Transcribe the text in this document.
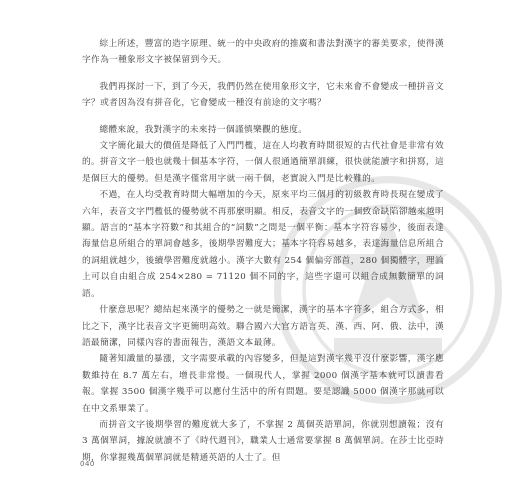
綜上所述，豐富的造字原理、統一的中央政府的推廣和書法對漢字的審美要求，使得漢字作為一種象形文字被保留到今天。

我們再探討一下，到了今天，我們仍然在使用象形文字，它未來會不會變成一種拼音文字？或者因為沒有拼音化，它會變成一種沒有前途的文字嗎？

總體來說，我對漢字的未來持一個謹慎樂觀的態度。

文字簡化最大的價值是降低了入門門檻，這在人均教育時間很短的古代社會是非常有效的。拼音文字一般也就幾十個基本字符，一個人很通過簡單訓練，很快就能讀字和拼寫，這是個巨大的優勢。但是漢字僅常用字就一兩千個，老實說入門是比較難的。

不過，在人均受教育時間大幅增加的今天，原來平均三個月的初級教育時長現在變成了六年，表音文字門檻低的優勢就不再那麼明顯。相反，表音文字的一個致命缺陷卻越來越明顯。語言的“基本字符數”和其組合的“詞數”之間是一個平衡：基本字符容易少，後面表達海量信息所組合的單詞會越多，後期學習難度大；基本字符容易越多，表達海量信息所組合的詞組就越少，後續學習難度就越小。漢字大數有 254 個偏旁部首，280 個獨體字，理論上可以自由組合成 254×280 = 71120 個不同的字，這些字還可以組合成無數簡單的詞語。

什麼意思呢？總結起來漢字的優勢之一就是簡潔，漢字的基本字符多，組合方式多，相比之下，漢字比表音文字更簡明高效。聯合國六大官方語言英、漢、西、阿、俄、法中，漢語最簡潔，同樣內容的書面報告，漢語文本最薄。

隨著知識量的暴漲，文字需要承載的內容變多，但是這對漢字幾乎沒什麼影響，漢字應數維持在 8.7 萬左右，增長非常慢。一個現代人，掌握 2000 個漢字基本就可以讀書看報。掌握 3500 個漢字幾乎可以應付生活中的所有問題。要是認識 5000 個漢字那就可以在中文系畢業了。

而拼音文字後期學習的難度就大多了，不掌握 2 萬個英語單詞，你就別想讀報；沒有 3 萬個單詞，據說就讀不了《時代週刊》，職業人士通常要掌握 8 萬個單詞。在莎士比亞時期，你掌握幾萬個單詞就是精通英語的人士了。但

040
